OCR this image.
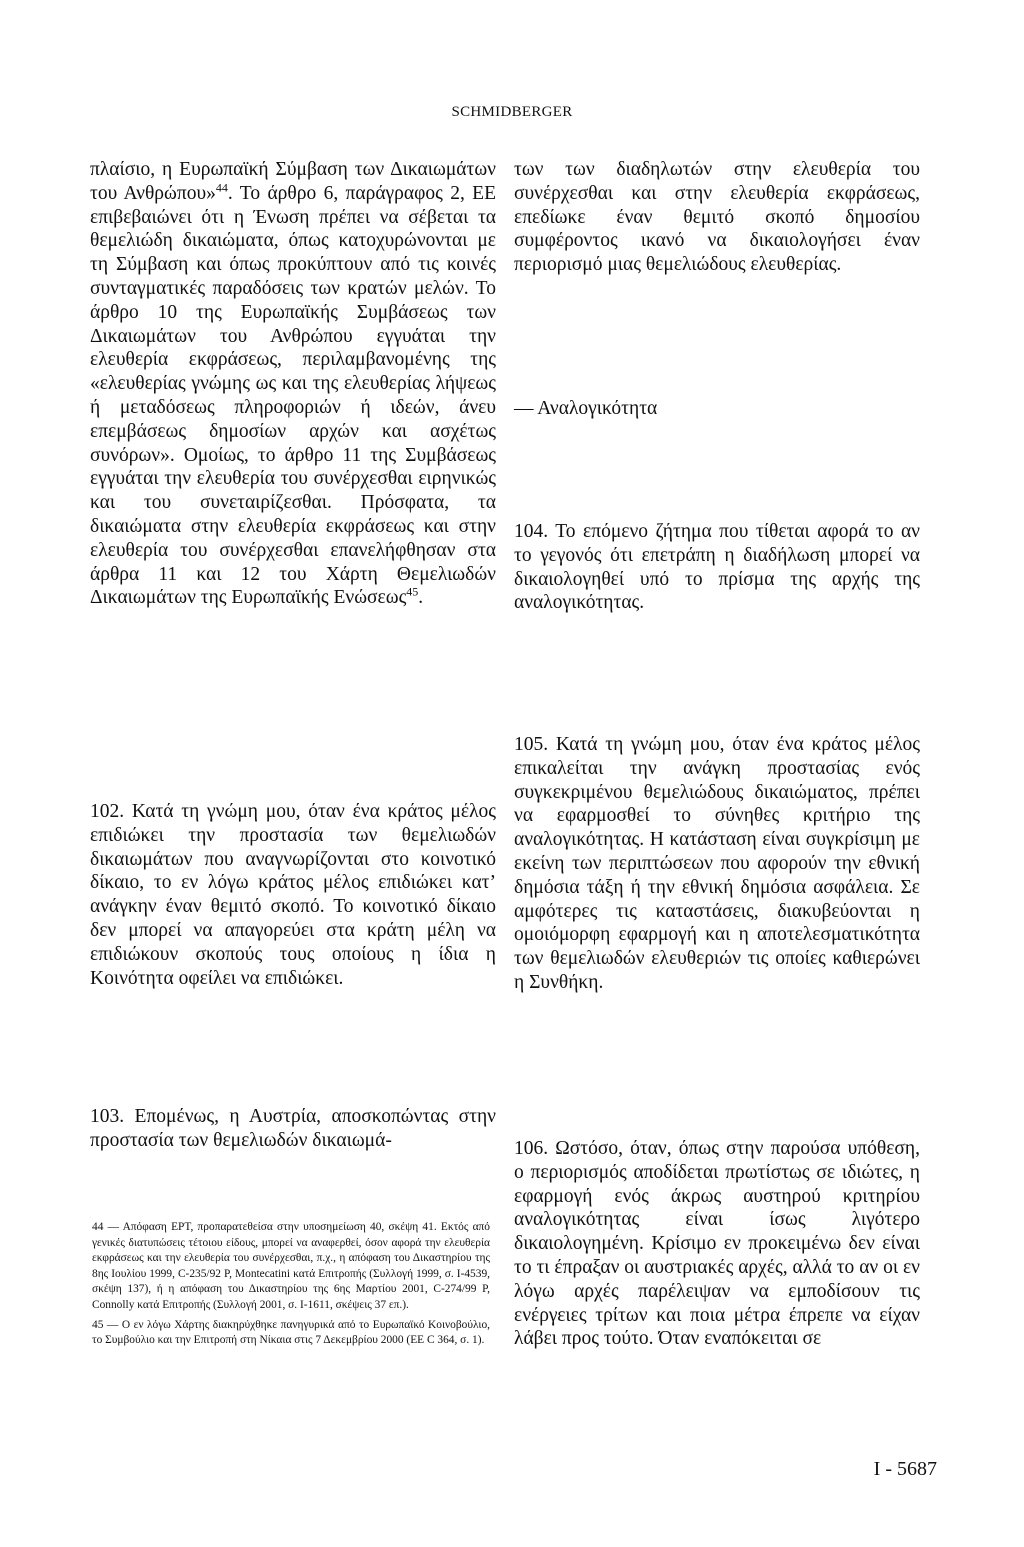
SCHMIDBERGER

πλαίσιο, η Ευρωπαϊκή Σύμβαση των Δικαιωμάτων του Ανθρώπου»$^{44}$. Το άρθρο 6, παράγραφος 2, ΕΕ επιβεβαιώνει ότι η Ένωση πρέπει να σέβεται τα θεμελιώδη δικαιώματα, όπως κατοχυρώνονται με τη Σύμβαση και όπως προκύπτουν από τις κοινές συνταγματικές παραδόσεις των κρατών μελών. Το άρθρο 10 της Ευρωπαϊκής Συμβάσεως των Δικαιωμάτων του Ανθρώπου εγγυάται την ελευθερία εκφράσεως, περιλαμβανομένης της «ελευθερίας γνώμης ως και της ελευθερίας λήψεως ή μεταδόσεως πληροφοριών ή ιδεών, άνευ επεμβάσεως δημοσίων αρχών και ασχέτως συνόρων». Ομοίως, το άρθρο 11 της Συμβάσεως εγγυάται την ελευθερία του συνέρχεσθαι ειρηνικώς και του συνεταιρίζεσθαι. Πρόσφατα, τα δικαιώματα στην ελευθερία εκφράσεως και στην ελευθερία του συνέρχεσθαι επανελήφθησαν στα άρθρα 11 και 12 του Χάρτη Θεμελιωδών Δικαιωμάτων της Ευρωπαϊκής Ενώσεως$^{45}$.

102. Κατά τη γνώμη μου, όταν ένα κράτος μέλος επιδιώκει την προστασία των θεμελιωδών δικαιωμάτων που αναγνωρίζονται στο κοινοτικό δίκαιο, το εν λόγω κράτος μέλος επιδιώκει κατ’ ανάγκην έναν θεμιτό σκοπό. Το κοινοτικό δίκαιο δεν μπορεί να απαγορεύει στα κράτη μέλη να επιδιώκουν σκοπούς τους οποίους η ίδια η Κοινότητα οφείλει να επιδιώκει.

103. Επομένως, η Αυστρία, αποσκοπώντας στην προστασία των θεμελιωδών δικαιωμά-

44 — Απόφαση ΕΡΤ, προπαρατεθείσα στην υποσημείωση 40, σκέψη 41. Εκτός από γενικές διατυπώσεις τέτοιου είδους, μπορεί να αναφερθεί, όσον αφορά την ελευθερία εκφράσεως και την ελευθερία του συνέρχεσθαι, π.χ., η απόφαση του Δικαστηρίου της 8ης Ιουλίου 1999, C-235/92 P, Montecatini κατά Επιτροπής (Συλλογή 1999, σ. I-4539, σκέψη 137), ή η απόφαση του Δικαστηρίου της 6ης Μαρτίου 2001, C-274/99 P, Connolly κατά Επιτροπής (Συλλογή 2001, σ. I-1611, σκέψεις 37 επ.).

45 — Ο εν λόγω Χάρτης διακηρύχθηκε πανηγυρικά από το Ευρωπαϊκό Κοινοβούλιο, το Συμβούλιο και την Επιτροπή στη Νίκαια στις 7 Δεκεμβρίου 2000 (ΕΕ C 364, σ. 1).

των των διαδηλωτών στην ελευθερία του συνέρχεσθαι και στην ελευθερία εκφράσεως, επεδίωκε έναν θεμιτό σκοπό δημοσίου συμφέροντος ικανό να δικαιολογήσει έναν περιορισμό μιας θεμελιώδους ελευθερίας.

— Αναλογικότητα

104. Το επόμενο ζήτημα που τίθεται αφορά το αν το γεγονός ότι επετράπη η διαδήλωση μπορεί να δικαιολογηθεί υπό το πρίσμα της αρχής της αναλογικότητας.

105. Κατά τη γνώμη μου, όταν ένα κράτος μέλος επικαλείται την ανάγκη προστασίας ενός συγκεκριμένου θεμελιώδους δικαιώματος, πρέπει να εφαρμοσθεί το σύνηθες κριτήριο της αναλογικότητας. Η κατάσταση είναι συγκρίσιμη με εκείνη των περιπτώσεων που αφορούν την εθνική δημόσια τάξη ή την εθνική δημόσια ασφάλεια. Σε αμφότερες τις καταστάσεις, διακυβεύονται η ομοιόμορφη εφαρμογή και η αποτελεσματικότητα των θεμελιωδών ελευθεριών τις οποίες καθιερώνει η Συνθήκη.

106. Ωστόσο, όταν, όπως στην παρούσα υπόθεση, ο περιορισμός αποδίδεται πρωτίστως σε ιδιώτες, η εφαρμογή ενός άκρως αυστηρού κριτηρίου αναλογικότητας είναι ίσως λιγότερο δικαιολογημένη. Κρίσιμο εν προκειμένω δεν είναι το τι έπραξαν οι αυστριακές αρχές, αλλά το αν οι εν λόγω αρχές παρέλειψαν να εμποδίσουν τις ενέργειες τρίτων και ποια μέτρα έπρεπε να είχαν λάβει προς τούτο. Όταν εναπόκειται σε

I - 5687
